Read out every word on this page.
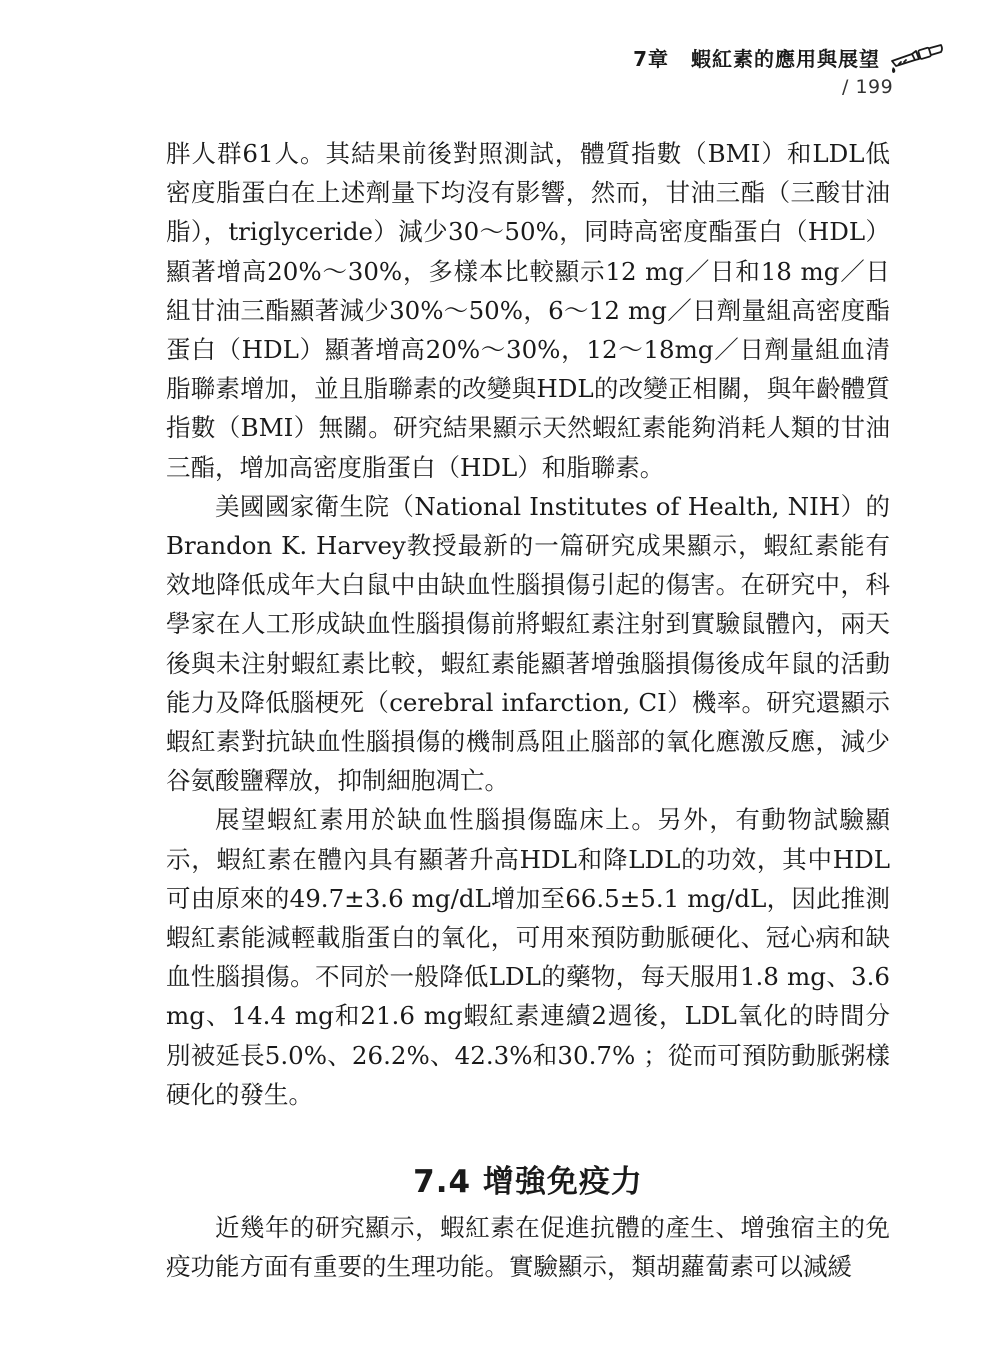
7章 蝦紅素的應用與展望
/ 199

胖人群61人。其結果前後對照測試，體質指數（BMI）和LDL低密度脂蛋白在上述劑量下均沒有影響，然而，甘油三酯（三酸甘油脂），triglyceride）減少30～50%，同時高密度酯蛋白（HDL）顯著增高20%～30%，多樣本比較顯示12 mg／日和18 mg／日組甘油三酯顯著減少30%～50%，6～12 mg／日劑量組高密度酯蛋白（HDL）顯著增高20%～30%，12～18mg／日劑量組血清脂聯素增加，並且脂聯素的改變與HDL的改變正相關，與年齡體質指數（BMI）無關。研究結果顯示天然蝦紅素能夠消耗人類的甘油三酯，增加高密度脂蛋白（HDL）和脂聯素。

美國國家衛生院（National Institutes of Health, NIH）的Brandon K. Harvey教授最新的一篇研究成果顯示，蝦紅素能有效地降低成年大白鼠中由缺血性腦損傷引起的傷害。在研究中，科學家在人工形成缺血性腦損傷前將蝦紅素注射到實驗鼠體內，兩天後與未注射蝦紅素比較，蝦紅素能顯著增強腦損傷後成年鼠的活動能力及降低腦梗死（cerebral infarction, CI）機率。研究還顯示蝦紅素對抗缺血性腦損傷的機制爲阻止腦部的氧化應激反應，減少谷氨酸鹽釋放，抑制細胞凋亡。

展望蝦紅素用於缺血性腦損傷臨床上。另外，有動物試驗顯示，蝦紅素在體內具有顯著升高HDL和降LDL的功效，其中HDL可由原來的49.7±3.6 mg/dL增加至66.5±5.1 mg/dL，因此推測蝦紅素能減輕載脂蛋白的氧化，可用來預防動脈硬化、冠心病和缺血性腦損傷。不同於一般降低LDL的藥物，每天服用1.8 mg、3.6 mg、14.4 mg和21.6 mg蝦紅素連續2週後，LDL氧化的時間分別被延長5.0%、26.2%、42.3%和30.7% ；從而可預防動脈粥樣硬化的發生。

7.4 增強免疫力

近幾年的研究顯示，蝦紅素在促進抗體的產生、增強宿主的免疫功能方面有重要的生理功能。實驗顯示，類胡蘿蔔素可以減緩
